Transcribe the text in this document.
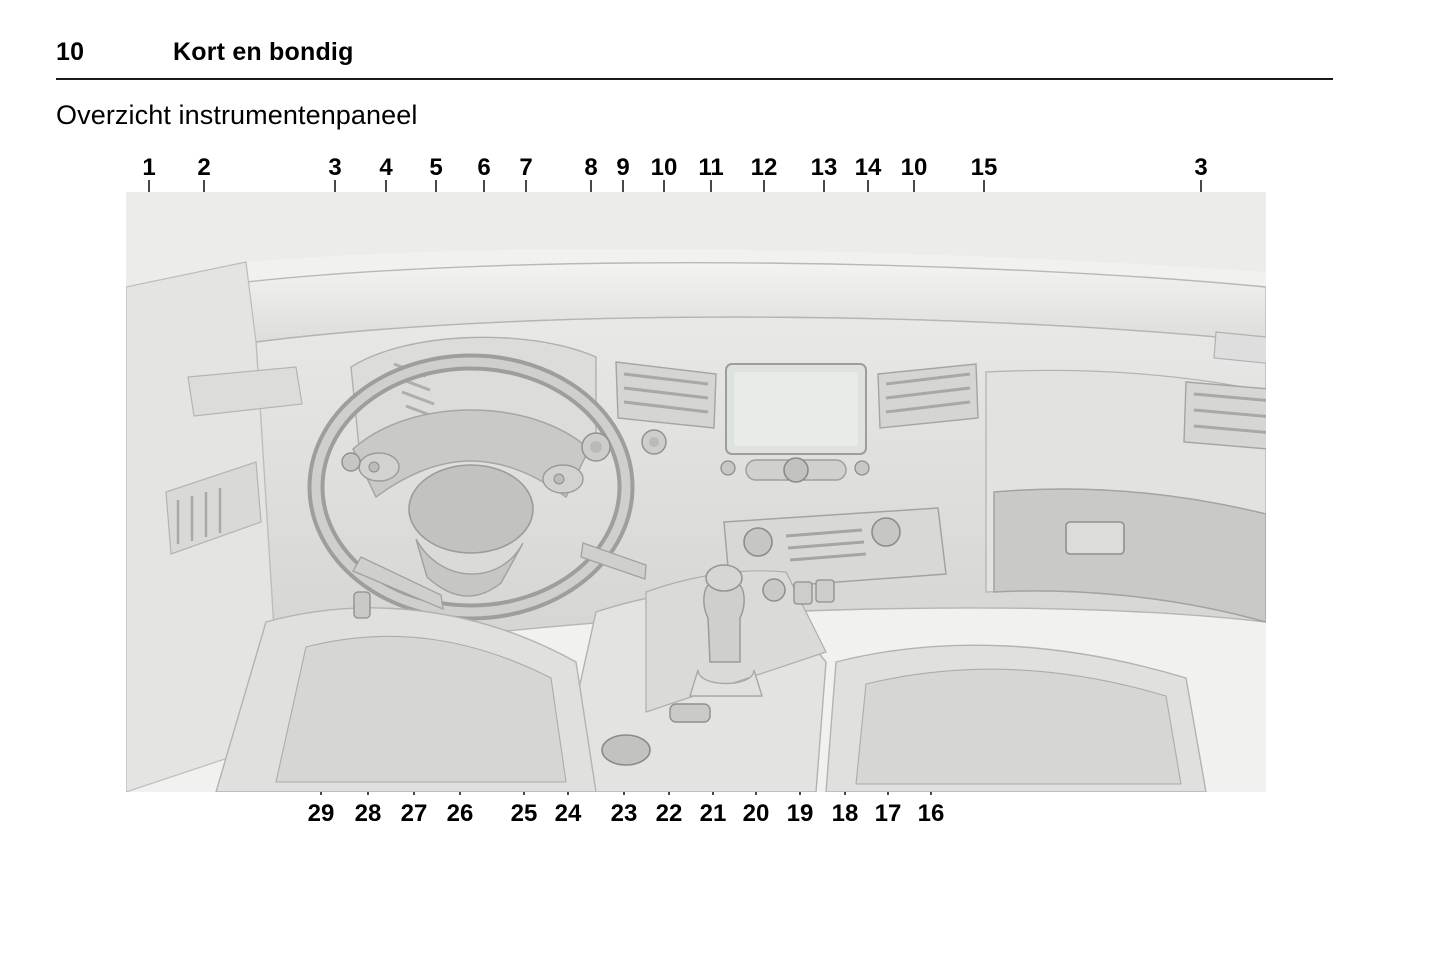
10	Kort en bondig
Overzicht instrumentenpaneel
1 2	3 4 5 6 7 8 9 10 11 12 13 14 10 15	3
29 28 27 26 25 24 23 22 21 20 19 18 17 16
